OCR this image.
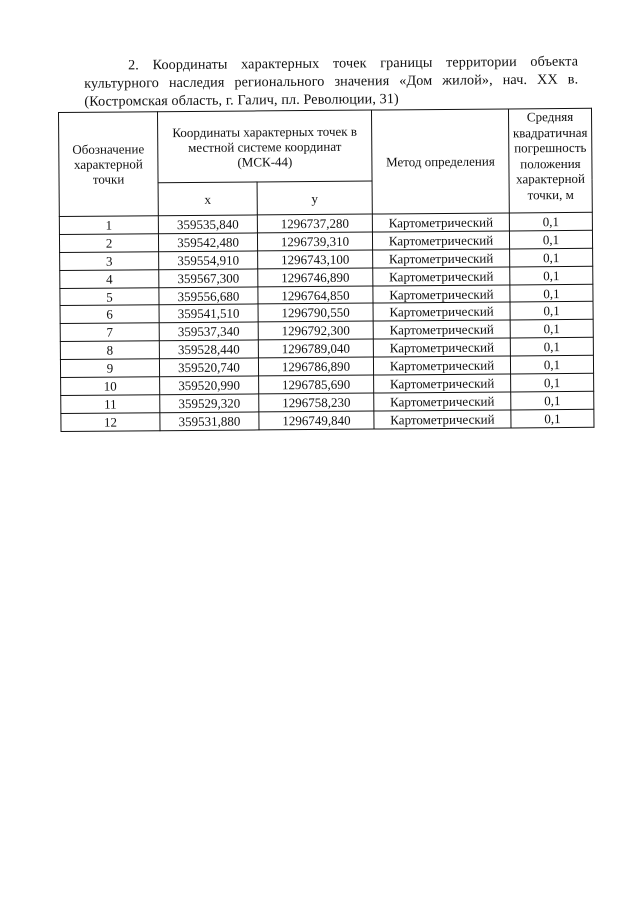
2. Координаты характерных точек границы территории объекта
культурного наследия регионального значения «Дом жилой», нач. XX в.
(Костромская область, г. Галич, пл. Революции, 31)
Обозначение характерной точки	Координаты характерных точек в местной системе координат (МСК-44)		Метод определения	Средняя квадратичная погрешность положения характерной точки, м
	x	y		
1	359535,840	1296737,280	Картометрический	0,1
2	359542,480	1296739,310	Картометрический	0,1
3	359554,910	1296743,100	Картометрический	0,1
4	359567,300	1296746,890	Картометрический	0,1
5	359556,680	1296764,850	Картометрический	0,1
6	359541,510	1296790,550	Картометрический	0,1
7	359537,340	1296792,300	Картометрический	0,1
8	359528,440	1296789,040	Картометрический	0,1
9	359520,740	1296786,890	Картометрический	0,1
10	359520,990	1296785,690	Картометрический	0,1
11	359529,320	1296758,230	Картометрический	0,1
12	359531,880	1296749,840	Картометрический	0,1
